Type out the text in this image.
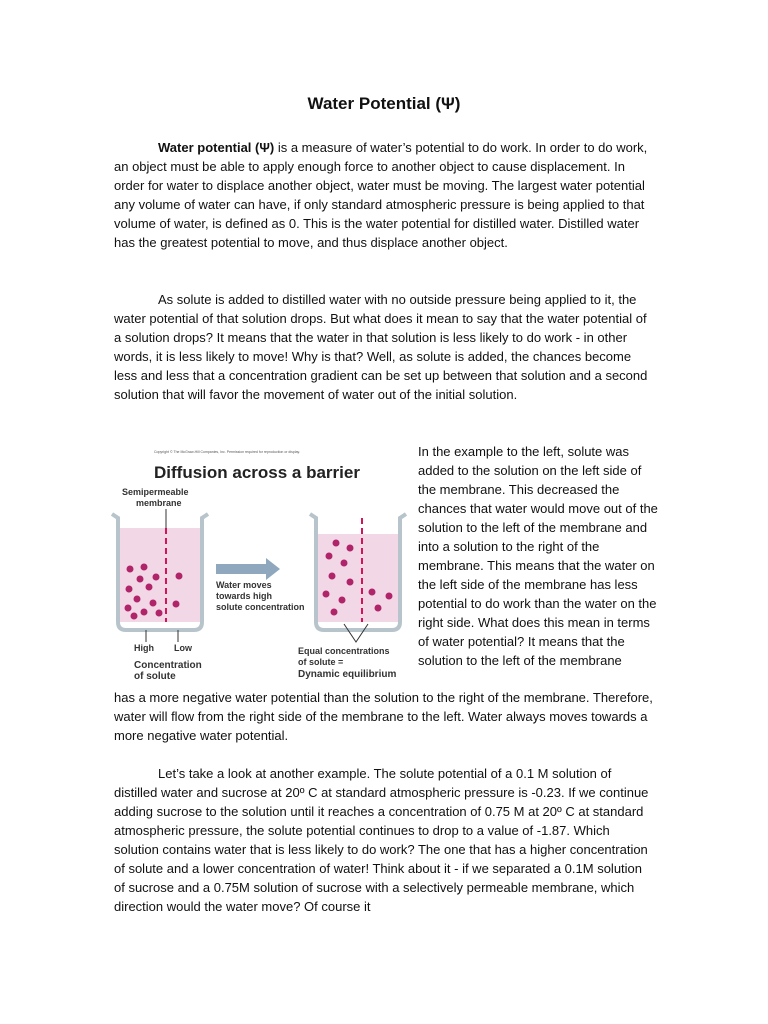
Water Potential (Ψ)

Water potential (Ψ) is a measure of water’s potential to do work. In order to do work, an object must be able to apply enough force to another object to cause displacement. In order for water to displace another object, water must be moving. The largest water potential any volume of water can have, if only standard atmospheric pressure is being applied to that volume of water, is defined as 0. This is the water potential for distilled water. Distilled water has the greatest potential to move, and thus displace another object.

As solute is added to distilled water with no outside pressure being applied to it, the water potential of that solution drops. But what does it mean to say that the water potential of a solution drops? It means that the water in that solution is less likely to do work - in other words, it is less likely to move! Why is that? Well, as solute is added, the chances become less and less that a concentration gradient can be set up between that solution and a second solution that will favor the movement of water out of the initial solution.

Copyright © The McGraw-Hill Companies, Inc. Permission required for reproduction or display.
Diffusion across a barrier
Semipermeable
membrane
High Low
Concentration
of solute
Water moves
towards high
solute concentration
Equal concentrations
of solute =
Dynamic equilibrium

In the example to the left, solute was added to the solution on the left side of the membrane. This decreased the chances that water would move out of the solution to the left of the membrane and into a solution to the right of the membrane. This means that the water on the left side of the membrane has less potential to do work than the water on the right side. What does this mean in terms of water potential? It means that the solution to the left of the membrane

has a more negative water potential than the solution to the right of the membrane. Therefore, water will flow from the right side of the membrane to the left. Water always moves towards a more negative water potential.

Let’s take a look at another example. The solute potential of a 0.1 M solution of distilled water and sucrose at 20º C at standard atmospheric pressure is -0.23. If we continue adding sucrose to the solution until it reaches a concentration of 0.75 M at 20º C at standard atmospheric pressure, the solute potential continues to drop to a value of -1.87. Which solution contains water that is less likely to do work? The one that has a higher concentration of solute and a lower concentration of water! Think about it - if we separated a 0.1M solution of sucrose and a 0.75M solution of sucrose with a selectively permeable membrane, which direction would the water move? Of course it
